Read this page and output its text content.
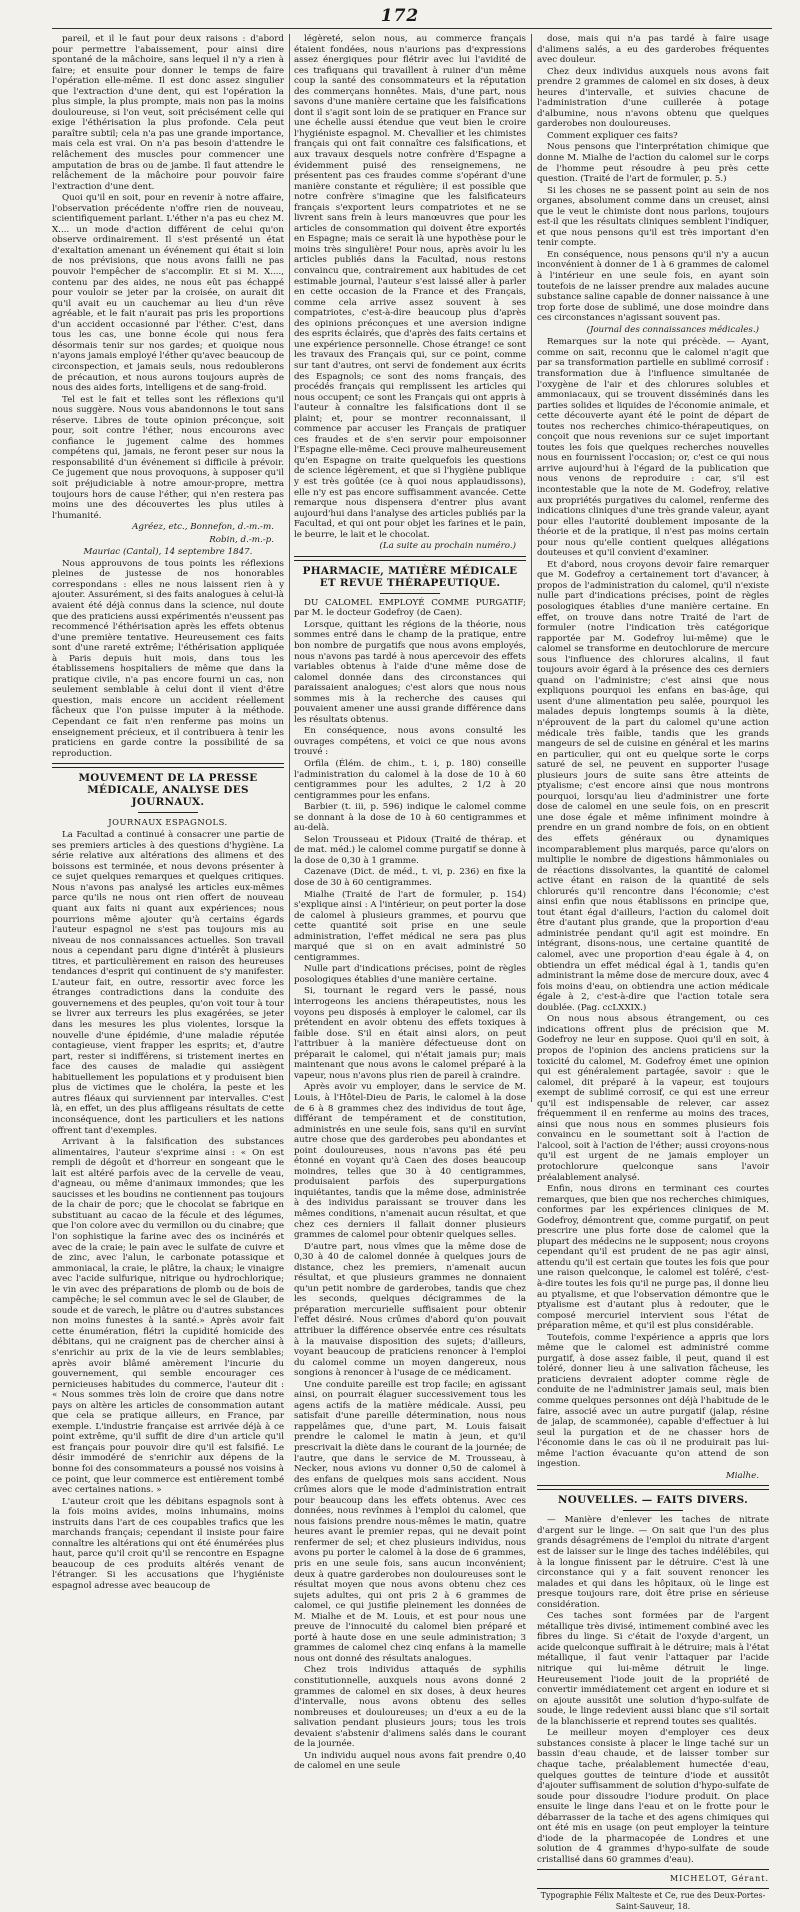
172

pareil, et il le faut pour deux raisons : d'abord pour permettre l'abaissement, pour ainsi dire spontané de la mâchoire, sans lequel il n'y a rien à faire; et ensuite pour donner le temps de faire l'opération elle-même. Il est donc assez singulier que l'extraction d'une dent, qui est l'opération la plus simple, la plus prompte, mais non pas la moins douloureuse, si l'on veut, soit précisément celle qui exige l'éthérisation la plus profonde. Cela peut paraître subtil; cela n'a pas une grande importance, mais cela est vrai. On n'a pas besoin d'attendre le relâchement des muscles pour commencer une amputation de bras ou de jambe. Il faut attendre le relâchement de la mâchoire pour pouvoir faire l'extraction d'une dent.

Quoi qu'il en soit, pour en revenir à notre affaire, l'observation précédente n'offre rien de nouveau, scientifiquement parlant. L'éther n'a pas eu chez M. X.... un mode d'action différent de celui qu'on observe ordinairement. Il s'est présenté un état d'exaltation amenant un événement qui était si loin de nos prévisions, que nous avons failli ne pas pouvoir l'empêcher de s'accomplir. Et si M. X...., contenu par des aides, ne nous eût pas échappé pour vouloir se jeter par la croisée, on aurait dit qu'il avait eu un cauchemar au lieu d'un rêve agréable, et le fait n'aurait pas pris les proportions d'un accident occasionné par l'éther. C'est, dans tous les cas, une bonne école qui nous fera désormais tenir sur nos gardes; et quoique nous n'ayons jamais employé l'éther qu'avec beaucoup de circonspection, et jamais seuls, nous redoublerons de précaution, et nous aurons toujours auprès de nous des aides forts, intelligens et de sang-froid.

Tel est le fait et telles sont les réflexions qu'il nous suggère. Nous vous abandonnons le tout sans réserve. Libres de toute opinion préconçue, soit pour, soit contre l'éther, nous encourons avec confiance le jugement calme des hommes compétens qui, jamais, ne feront peser sur nous la responsabilité d'un événement si difficile à prévoir. Ce jugement que nous provoquons, à supposer qu'il soit préjudiciable à notre amour-propre, mettra toujours hors de cause l'éther, qui n'en restera pas moins une des découvertes les plus utiles à l'humanité.

Agréez, etc., Bonnefon, d.-m.-m.

Robin, d.-m.-p.

Mauriac (Cantal), 14 septembre 1847.

Nous approuvons de tous points les réflexions pleines de justesse de nos honorables correspondans : elles ne nous laissent rien à y ajouter. Assurément, si des faits analogues à celui-là avaient été déjà connus dans la science, nul doute que des praticiens aussi expérimentés n'eussent pas recommencé l'éthérisation après les effets obtenus d'une première tentative. Heureusement ces faits sont d'une rareté extrême; l'éthérisation appliquée à Paris depuis huit mois, dans tous les établissemens hospitaliers de même que dans la pratique civile, n'a pas encore fourni un cas, non seulement semblable à celui dont il vient d'être question, mais encore un accident réellement fâcheux que l'on puisse imputer à la méthode. Cependant ce fait n'en renferme pas moins un enseignement précieux, et il contribuera à tenir les praticiens en garde contre la possibilité de sa reproduction.

MOUVEMENT DE LA PRESSE MÉDICALE, ANALYSE DES JOURNAUX.

JOURNAUX ESPAGNOLS.

La Facultad a continué à consacrer une partie de ses premiers articles à des questions d'hygiène. La série relative aux altérations des alimens et des boissons est terminée, et nous devons présenter à ce sujet quelques remarques et quelques critiques. Nous n'avons pas analysé les articles eux-mêmes parce qu'ils ne nous ont rien offert de nouveau quant aux faits ni quant aux expériences; nous pourrions même ajouter qu'à certains égards l'auteur espagnol ne s'est pas toujours mis au niveau de nos connaissances actuelles. Son travail nous a cependant paru digne d'intérêt à plusieurs titres, et particulièrement en raison des heureuses tendances d'esprit qui continuent de s'y manifester. L'auteur fait, en outre, ressortir avec force les étranges contradictions dans la conduite des gouvernemens et des peuples, qu'on voit tour à tour se livrer aux terreurs les plus exagérées, se jeter dans les mesures les plus violentes, lorsque la nouvelle d'une épidémie, d'une maladie réputée contagieuse, vient frapper les esprits; et, d'autre part, rester si indifférens, si tristement inertes en face des causes de maladie qui assiègent habituellement les populations et y produisent bien plus de victimes que le choléra, la peste et les autres fléaux qui surviennent par intervalles. C'est là, en effet, un des plus affligeans résultats de cette inconséquence, dont les particuliers et les nations offrent tant d'exemples.

Arrivant à la falsification des substances alimentaires, l'auteur s'exprime ainsi : « On est rempli de dégoût et d'horreur en songeant que le lait est altéré parfois avec de la cervelle de veau, d'agneau, ou même d'animaux immondes; que les saucisses et les boudins ne contiennent pas toujours de la chair de porc; que le chocolat se fabrique en substituant au cacao de la fécule et des légumes, que l'on colore avec du vermillon ou du cinabre; que l'on sophistique la farine avec des os incinérés et avec de la craie; le pain avec le sulfate de cuivre et de zinc, avec l'alun, le carbonate potassique et ammoniacal, la craie, le plâtre, la chaux; le vinaigre avec l'acide sulfurique, nitrique ou hydrochlorique; le vin avec des préparations de plomb ou de bois de campêche; le sel commun avec le sel de Glauber, de soude et de varech, le plâtre ou d'autres substances non moins funestes à la santé.» Après avoir fait cette énumération, flétri la cupidité homicide des débitans, qui ne craignent pas de chercher ainsi à s'enrichir au prix de la vie de leurs semblables; après avoir blâmé amèrement l'incurie du gouvernement, qui semble encourager ces pernicieuses habitudes du commerce, l'auteur dit : « Nous sommes très loin de croire que dans notre pays on altère les articles de consommation autant que cela se pratique ailleurs, en France, par exemple. L'industrie française est arrivée déjà à ce point extrême, qu'il suffit de dire d'un article qu'il est français pour pouvoir dire qu'il est falsifié. Le désir immodéré de s'enrichir aux dépens de la bonne foi des consommateurs a poussé nos voisins à ce point, que leur commerce est entièrement tombé avec certaines nations. »

L'auteur croit que les débitans espagnols sont à la fois moins avides, moins inhumains, moins instruits dans l'art de ces coupables trafics que les marchands français; cependant il insiste pour faire connaître les altérations qui ont été énumérées plus haut, parce qu'il croit qu'il se rencontre en Espagne beaucoup de ces produits altérés venant de l'étranger. Si les accusations que l'hygiéniste espagnol adresse avec beaucoup de

légèreté, selon nous, au commerce français étaient fondées, nous n'aurions pas d'expressions assez énergiques pour flétrir avec lui l'avidité de ces trafiquans qui travaillent à ruiner d'un même coup la santé des consommateurs et la réputation des commerçans honnêtes. Mais, d'une part, nous savons d'une manière certaine que les falsifications dont il s'agit sont loin de se pratiquer en France sur une échelle aussi étendue que veut bien le croire l'hygiéniste espagnol. M. Chevallier et les chimistes français qui ont fait connaître ces falsifications, et aux travaux desquels notre confrère d'Espagne a évidemment puisé des renseignemens, ne présentent pas ces fraudes comme s'opérant d'une manière constante et régulière; il est possible que notre confrère s'imagine que les falsificateurs français s'exportent leurs compatriotes et ne se livrent sans frein à leurs manœuvres que pour les articles de consommation qui doivent être exportés en Espagne; mais ce serait là une hypothèse pour le moins très singulière! Pour nous, après avoir lu les articles publiés dans la Facultad, nous restons convaincu que, contrairement aux habitudes de cet estimable journal, l'auteur s'est laissé aller à parler en cette occasion de la France et des Français, comme cela arrive assez souvent à ses compatriotes, c'est-à-dire beaucoup plus d'après des opinions préconçues et une aversion indigne des esprits éclairés, que d'après des faits certains et une expérience personnelle. Chose étrange! ce sont les travaux des Français qui, sur ce point, comme sur tant d'autres, ont servi de fondement aux écrits des Espagnols; ce sont des noms français, des procédés français qui remplissent les articles qui nous occupent; ce sont les Français qui ont appris à l'auteur à connaître les falsifications dont il se plaint; et, pour se montrer reconnaissant, il commence par accuser les Français de pratiquer ces fraudes et de s'en servir pour empoisonner l'Espagne elle-même. Ceci prouve malheureusement qu'en Espagne on traite quelquefois les questions de science légèrement, et que si l'hygiène publique y est très goûtée (ce à quoi nous applaudissons), elle n'y est pas encore suffisamment avancée. Cette remarque nous dispensera d'entrer plus avant aujourd'hui dans l'analyse des articles publiés par la Facultad, et qui ont pour objet les farines et le pain, le beurre, le lait et le chocolat.

(La suite au prochain numéro.)

PHARMACIE, MATIÈRE MÉDICALE ET REVUE THÉRAPEUTIQUE.

DU CALOMEL EMPLOYÉ COMME PURGATIF; par M. le docteur Godefroy (de Caen).

Lorsque, quittant les régions de la théorie, nous sommes entré dans le champ de la pratique, entre bon nombre de purgatifs que nous avons employés, nous n'avons pas tardé à nous apercevoir des effets variables obtenus à l'aide d'une même dose de calomel donnée dans des circonstances qui paraissaient analogues; c'est alors que nous nous sommes mis à la recherche des causes qui pouvaient amener une aussi grande différence dans les résultats obtenus.

En conséquence, nous avons consulté les ouvrages compétens, et voici ce que nous avons trouvé :

Orfila (Élém. de chim., t. i, p. 180) conseille l'administration du calomel à la dose de 10 à 60 centigrammes pour les adultes, 2 1/2 à 20 centigrammes pour les enfans.

Barbier (t. iii, p. 596) indique le calomel comme se donnant à la dose de 10 à 60 centigrammes et au-delà.

Selon Trousseau et Pidoux (Traité de thérap. et de mat. méd.) le calomel comme purgatif se donne à la dose de 0,30 à 1 gramme.

Cazenave (Dict. de méd., t. vi, p. 236) en fixe la dose de 30 à 60 centigrammes.

Mialhe (Traité de l'art de formuler, p. 154) s'explique ainsi : A l'intérieur, on peut porter la dose de calomel à plusieurs grammes, et pourvu que cette quantité soit prise en une seule administration, l'effet médical ne sera pas plus marqué que si on en avait administré 50 centigrammes.

Nulle part d'indications précises, point de règles posologiques établies d'une manière certaine.

Si, tournant le regard vers le passé, nous interrogeons les anciens thérapeutistes, nous les voyons peu disposés à employer le calomel, car ils prétendent en avoir obtenu des effets toxiques à faible dose. S'il en était ainsi alors, on peut l'attribuer à la manière défectueuse dont on préparait le calomel, qui n'était jamais pur; mais maintenant que nous avons le calomel préparé à la vapeur, nous n'avons plus rien de pareil à craindre.

Après avoir vu employer, dans le service de M. Louis, à l'Hôtel-Dieu de Paris, le calomel à la dose de 6 à 8 grammes chez des individus de tout âge, différant de tempérament et de constitution, administrés en une seule fois, sans qu'il en survînt autre chose que des garderobes peu abondantes et point douloureuses, nous n'avons pas été peu étonné en voyant qu'à Caen des doses beaucoup moindres, telles que 30 à 40 centigrammes, produisaient parfois des superpurgations inquiétantes, tandis que la même dose, administrée à des individus paraissant se trouver dans les mêmes conditions, n'amenait aucun résultat, et que chez ces derniers il fallait donner plusieurs grammes de calomel pour obtenir quelques selles.

D'autre part, nous vîmes que la même dose de 0,30 à 40 de calomel donnée à quelques jours de distance, chez les premiers, n'amenait aucun résultat, et que plusieurs grammes ne donnaient qu'un petit nombre de garderobes, tandis que chez les seconds, quelques décigrammes de la préparation mercurielle suffisaient pour obtenir l'effet désiré. Nous crûmes d'abord qu'on pouvait attribuer la différence observée entre ces résultats à la mauvaise disposition des sujets; d'ailleurs, voyant beaucoup de praticiens renoncer à l'emploi du calomel comme un moyen dangereux, nous songions à renoncer à l'usage de ce médicament.

Une conduite pareille est trop facile; en agissant ainsi, on pourrait élaguer successivement tous les agens actifs de la matière médicale. Aussi, peu satisfait d'une pareille détermination, nous nous rappelâmes que, d'une part, M. Louis faisait prendre le calomel le matin à jeun, et qu'il prescrivait la diète dans le courant de la journée; de l'autre, que dans le service de M. Trousseau, à Necker, nous avions vu donner 0,50 de calomel à des enfans de quelques mois sans accident. Nous crûmes alors que le mode d'administration entrait pour beaucoup dans les effets obtenus. Avec ces données, nous revînmes à l'emploi du calomel, que nous faisions prendre nous-mêmes le matin, quatre heures avant le premier repas, qui ne devait point renfermer de sel; et chez plusieurs individus, nous avons pu porter le calomel à la dose de 6 grammes, pris en une seule fois, sans aucun inconvénient; deux à quatre garderobes non douloureuses sont le résultat moyen que nous avons obtenu chez ces sujets adultes, qui ont pris 2 à 6 grammes de calomel, ce qui justifie pleinement les données de M. Mialhe et de M. Louis, et est pour nous une preuve de l'innocuité du calomel bien préparé et porté à haute dose en une seule administration; 3 grammes de calomel chez cinq enfans à la mamelle nous ont donné des résultats analogues.

Chez trois individus attaqués de syphilis constitutionnelle, auxquels nous avons donné 2 grammes de calomel en six doses, à deux heures d'intervalle, nous avons obtenu des selles nombreuses et douloureuses; un d'eux a eu de la salivation pendant plusieurs jours; tous les trois devaient s'abstenir d'alimens salés dans le courant de la journée.

Un individu auquel nous avons fait prendre 0,40 de calomel en une seule

dose, mais qui n'a pas tardé à faire usage d'alimens salés, a eu des garderobes fréquentes avec douleur.

Chez deux individus auxquels nous avons fait prendre 2 grammes de calomel en six doses, à deux heures d'intervalle, et suivies chacune de l'administration d'une cuillerée à potage d'albumine, nous n'avons obtenu que quelques garderobes non douloureuses.

Comment expliquer ces faits?

Nous pensons que l'interprétation chimique que donne M. Mialhe de l'action du calomel sur le corps de l'homme peut résoudre à peu près cette question. (Traité de l'art de formuler, p. 5.)

Si les choses ne se passent point au sein de nos organes, absolument comme dans un creuset, ainsi que le veut le chimiste dont nous parlons, toujours est-il que les résultats cliniques semblent l'indiquer, et que nous pensons qu'il est très important d'en tenir compte.

En conséquence, nous pensons qu'il n'y a aucun inconvénient à donner de 1 à 6 grammes de calomel à l'intérieur en une seule fois, en ayant soin toutefois de ne laisser prendre aux malades aucune substance saline capable de donner naissance à une trop forte dose de sublimé, une dose moindre dans ces circonstances n'agissant souvent pas.

(Journal des connaissances médicales.)

Remarques sur la note qui précède. — Ayant, comme on sait, reconnu que le calomel n'agit que par sa transformation partielle en sublimé corrosif : transformation due à l'influence simultanée de l'oxygène de l'air et des chlorures solubles et ammoniacaux, qui se trouvent disséminés dans les parties solides et liquides de l'économie animale, et cette découverte ayant été le point de départ de toutes nos recherches chimico-thérapeutiques, on conçoit que nous revenions sur ce sujet important toutes les fois que quelques recherches nouvelles nous en fournissent l'occasion; or, c'est ce qui nous arrive aujourd'hui à l'égard de la publication que nous venons de reproduire : car, s'il est incontestable que la note de M. Godefroy, relative aux propriétés purgatives du calomel, renferme des indications cliniques d'une très grande valeur, ayant pour elles l'autorité doublement imposante de la théorie et de la pratique, il n'est pas moins certain pour nous qu'elle contient quelques allégations douteuses et qu'il convient d'examiner.

Et d'abord, nous croyons devoir faire remarquer que M. Godefroy a certainement tort d'avancer, à propos de l'administration du calomel, qu'il n'existe nulle part d'indications précises, point de règles posologiques établies d'une manière certaine. En effet, on trouve dans notre Traité de l'art de formuler (notre l'indication très catégorique rapportée par M. Godefroy lui-même) que le calomel se transforme en deutochlorure de mercure sous l'influence des chlorures alcalins, il faut toujours avoir égard à la présence des ces derniers quand on l'administre; c'est ainsi que nous expliquons pourquoi les enfans en bas-âge, qui usent d'une alimentation peu salée, pourquoi les malades depuis longtemps soumis à la diète, n'éprouvent de la part du calomel qu'une action médicale très faible, tandis que les grands mangeurs de sel de cuisine en général et les marins en particulier, qui ont eu quelque sorte le corps saturé de sel, ne peuvent en supporter l'usage plusieurs jours de suite sans être atteints de ptyalisme; c'est encore ainsi que nous montrons pourquoi, lorsqu'au lieu d'administrer une forte dose de calomel en une seule fois, on en prescrit une dose égale et même infiniment moindre à prendre en un grand nombre de fois, on en obtient des effets généraux ou dynamiques incomparablement plus marqués, parce qu'alors on multiplie le nombre de digestions hâmmoniales ou de réactions dissolvantes, la quantité de calomel active étant en raison de la quantité de sels chlorurés qu'il rencontre dans l'économie; c'est ainsi enfin que nous établissons en principe que, tout étant égal d'ailleurs, l'action du calomel doit être d'autant plus grande, que la proportion d'eau administrée pendant qu'il agit est moindre. En intégrant, disons-nous, une certaine quantité de calomel, avec une proportion d'eau égale à 4, on obtiendra un effet médical égal à 1, tandis qu'en administrant la même dose de mercure doux, avec 4 fois moins d'eau, on obtiendra une action médicale égale à 2, c'est-à-dire que l'action totale sera doublée. (Pag. ccLXXIX.)

On nous nous absous étrangement, ou ces indications offrent plus de précision que M. Godefroy ne leur en suppose. Quoi qu'il en soit, à propos de l'opinion des anciens praticiens sur la toxicité du calomel, M. Godefroy émet une opinion qui est généralement partagée, savoir : que le calomel, dit préparé à la vapeur, est toujours exempt de sublimé corrosif, ce qui est une erreur qu'il est indispensable de relever, car assez fréquemment il en renferme au moins des traces, ainsi que nous nous en sommes plusieurs fois convaincu en le soumettant soit à l'action de l'alcool, soit à l'action de l'éther; aussi croyons-nous qu'il est urgent de ne jamais employer un protochlorure quelconque sans l'avoir préalablement analysé.

Enfin, nous dirons en terminant ces courtes remarques, que bien que nos recherches chimiques, conformes par les expériences cliniques de M. Godefroy, démontrent que, comme purgatif, on peut prescrire une plus forte dose de calomel que la plupart des médecins ne le supposent; nous croyons cependant qu'il est prudent de ne pas agir ainsi, attendu qu'il est certain que toutes les fois que pour une raison quelconque, le calomel est toléré, c'est-à-dire toutes les fois qu'il ne purge pas, il donne lieu au ptyalisme, et que l'observation démontre que le ptyalisme est d'autant plus à redouter, que le composé mercuriel intervient sous l'état de préparation même, et qu'il est plus considérable.

Toutefois, comme l'expérience a appris que lors même que le calomel est administré comme purgatif, à dose assez faible, il peut, quand il est toléré, donner lieu à une salivation fâcheuse, les praticiens devraient adopter comme règle de conduite de ne l'administrer jamais seul, mais bien comme quelques personnes ont déjà l'habitude de le faire, associé avec un autre purgatif (jalap, résine de jalap, de scammonée), capable d'effectuer à lui seul la purgation et de ne chasser hors de l'économie dans le cas où il ne produirait pas lui-même l'action évacuante qu'on attend de son ingestion.

Mialhe.

NOUVELLES. — FAITS DIVERS.

— Manière d'enlever les taches de nitrate d'argent sur le linge. — On sait que l'un des plus grands désagrémens de l'emploi du nitrate d'argent est de laisser sur le linge des taches indélébiles, qui à la longue finissent par le détruire. C'est là une circonstance qui y a fait souvent renoncer les malades et qui dans les hôpitaux, où le linge est presque toujours rare, doit être prise en sérieuse considération.

Ces taches sont formées par de l'argent métallique très divisé, intimement combiné avec les fibres du linge. Si c'était de l'oxyde d'argent, un acide quelconque suffirait à le détruire; mais à l'état métallique, il faut venir l'attaquer par l'acide nitrique qui lui-même détruit le linge. Heureusement l'iode jouit de la propriété de convertir immédiatement cet argent en iodure et si on ajoute aussitôt une solution d'hypo-sulfate de soude, le linge redevient aussi blanc que s'il sortait de la blanchisserie et reprend toutes ses qualités.

Le meilleur moyen d'employer ces deux substances consiste à placer le linge taché sur un bassin d'eau chaude, et de laisser tomber sur chaque tache, préalablement humectée d'eau, quelques gouttes de teinture d'iode et aussitôt d'ajouter suffisamment de solution d'hypo-sulfate de soude pour dissoudre l'iodure produit. On place ensuite le linge dans l'eau et on le frotte pour le débarrasser de la tache et des agens chimiques qui ont été mis en usage (on peut employer la teinture d'iode de la pharmacopée de Londres et une solution de 4 grammes d'hypo-sulfate de soude cristallisé dans 60 grammes d'eau).

MICHELOT, Gérant.

Typographie Félix Malteste et Ce, rue des Deux-Portes-Saint-Sauveur, 18.
